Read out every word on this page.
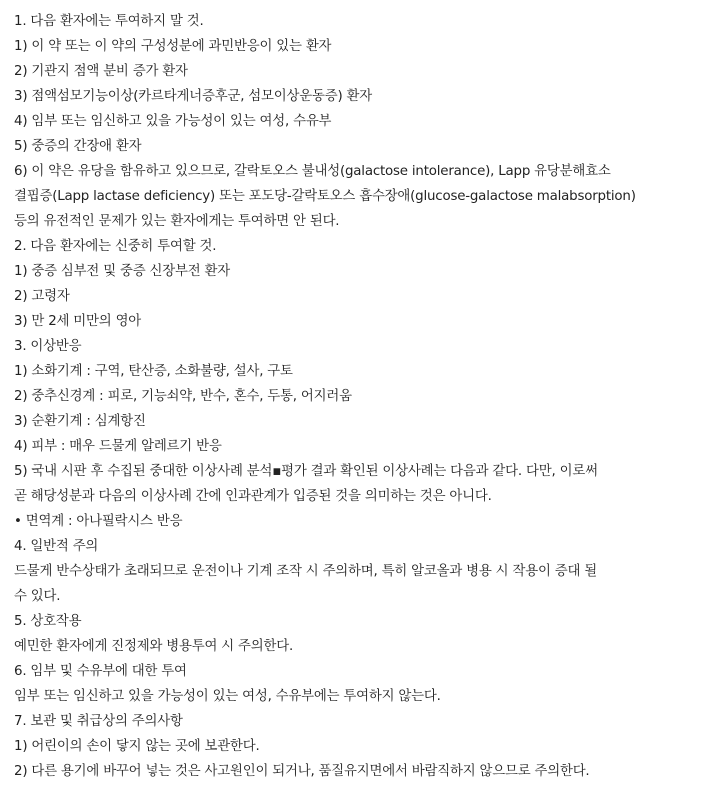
1. 다음 환자에는 투여하지 말 것.
1) 이 약 또는 이 약의 구성성분에 과민반응이 있는 환자
2) 기관지 점액 분비 증가 환자
3) 점액섬모기능이상(카르타게너증후군, 섬모이상운동증) 환자
4) 임부 또는 임신하고 있을 가능성이 있는 여성, 수유부
5) 중증의 간장애 환자
6) 이 약은 유당을 함유하고 있으므로, 갈락토오스 불내성(galactose intolerance), Lapp 유당분해효소
결핍증(Lapp lactase deficiency) 또는 포도당-갈락토오스 흡수장애(glucose-galactose malabsorption)
등의 유전적인 문제가 있는 환자에게는 투여하면 안 된다.
2. 다음 환자에는 신중히 투여할 것.
1) 중증 심부전 및 중증 신장부전 환자
2) 고령자
3) 만 2세 미만의 영아
3. 이상반응
1) 소화기계 : 구역, 탄산증, 소화불량, 설사, 구토
2) 중추신경계 : 피로, 기능쇠약, 반수, 혼수, 두통, 어지러움
3) 순환기계 : 심계항진
4) 피부 : 매우 드물게 알레르기 반응
5) 국내 시판 후 수집된 중대한 이상사례 분석▪평가 결과 확인된 이상사례는 다음과 같다. 다만, 이로써
곧 해당성분과 다음의 이상사례 간에 인과관계가 입증된 것을 의미하는 것은 아니다.
• 면역계 : 아나필락시스 반응
4. 일반적 주의
드물게 반수상태가 초래되므로 운전이나 기계 조작 시 주의하며, 특히 알코올과 병용 시 작용이 증대 될
수 있다.
5. 상호작용
예민한 환자에게 진정제와 병용투여 시 주의한다.
6. 임부 및 수유부에 대한 투여
임부 또는 임신하고 있을 가능성이 있는 여성, 수유부에는 투여하지 않는다.
7. 보관 및 취급상의 주의사항
1) 어린이의 손이 닿지 않는 곳에 보관한다.
2) 다른 용기에 바꾸어 넣는 것은 사고원인이 되거나, 품질유지면에서 바람직하지 않으므로 주의한다.
